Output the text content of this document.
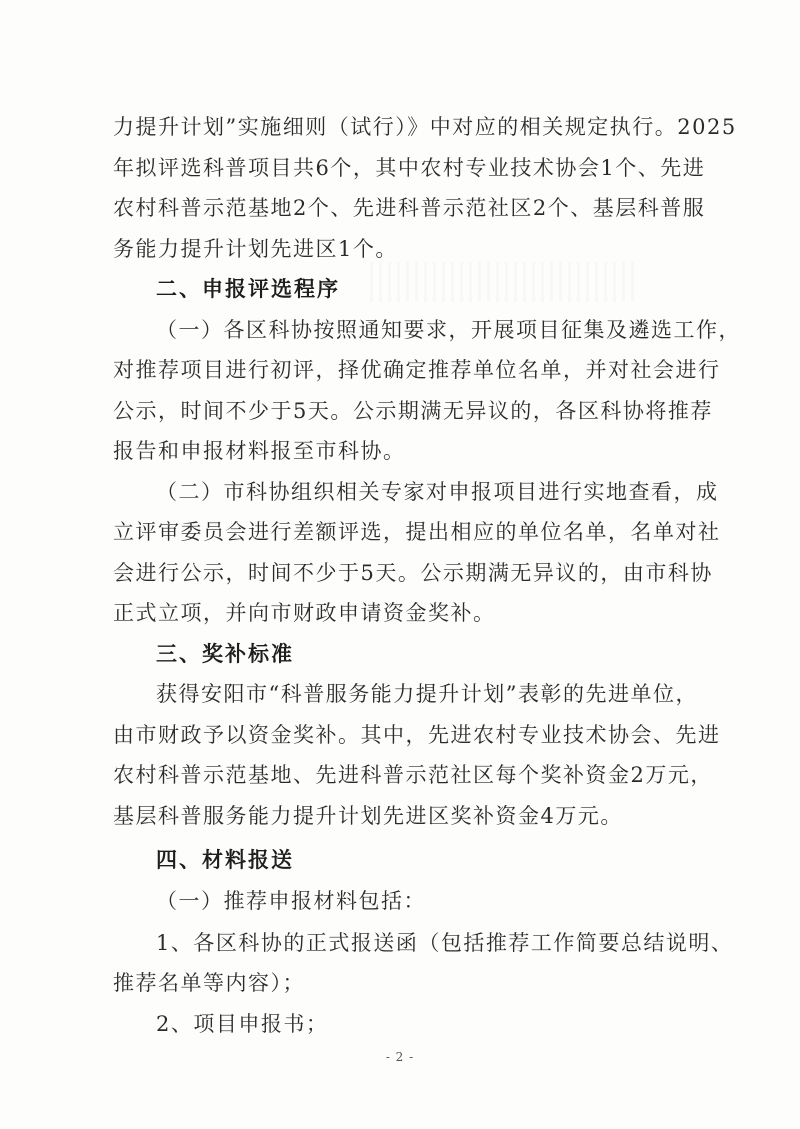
力提升计划”实施细则（试行）》中对应的相关规定执行。2025
年拟评选科普项目共6个，其中农村专业技术协会1个、先进
农村科普示范基地2个、先进科普示范社区2个、基层科普服
务能力提升计划先进区1个。
二、申报评选程序
（一）各区科协按照通知要求，开展项目征集及遴选工作，
对推荐项目进行初评，择优确定推荐单位名单，并对社会进行
公示，时间不少于5天。公示期满无异议的，各区科协将推荐
报告和申报材料报至市科协。
（二）市科协组织相关专家对申报项目进行实地查看，成
立评审委员会进行差额评选，提出相应的单位名单，名单对社
会进行公示，时间不少于5天。公示期满无异议的，由市科协
正式立项，并向市财政申请资金奖补。
三、奖补标准
获得安阳市“科普服务能力提升计划”表彰的先进单位，
由市财政予以资金奖补。其中，先进农村专业技术协会、先进
农村科普示范基地、先进科普示范社区每个奖补资金2万元，
基层科普服务能力提升计划先进区奖补资金4万元。
四、材料报送
（一）推荐申报材料包括：
1、各区科协的正式报送函（包括推荐工作简要总结说明、
推荐名单等内容）；
2、项目申报书；
- 2 -
